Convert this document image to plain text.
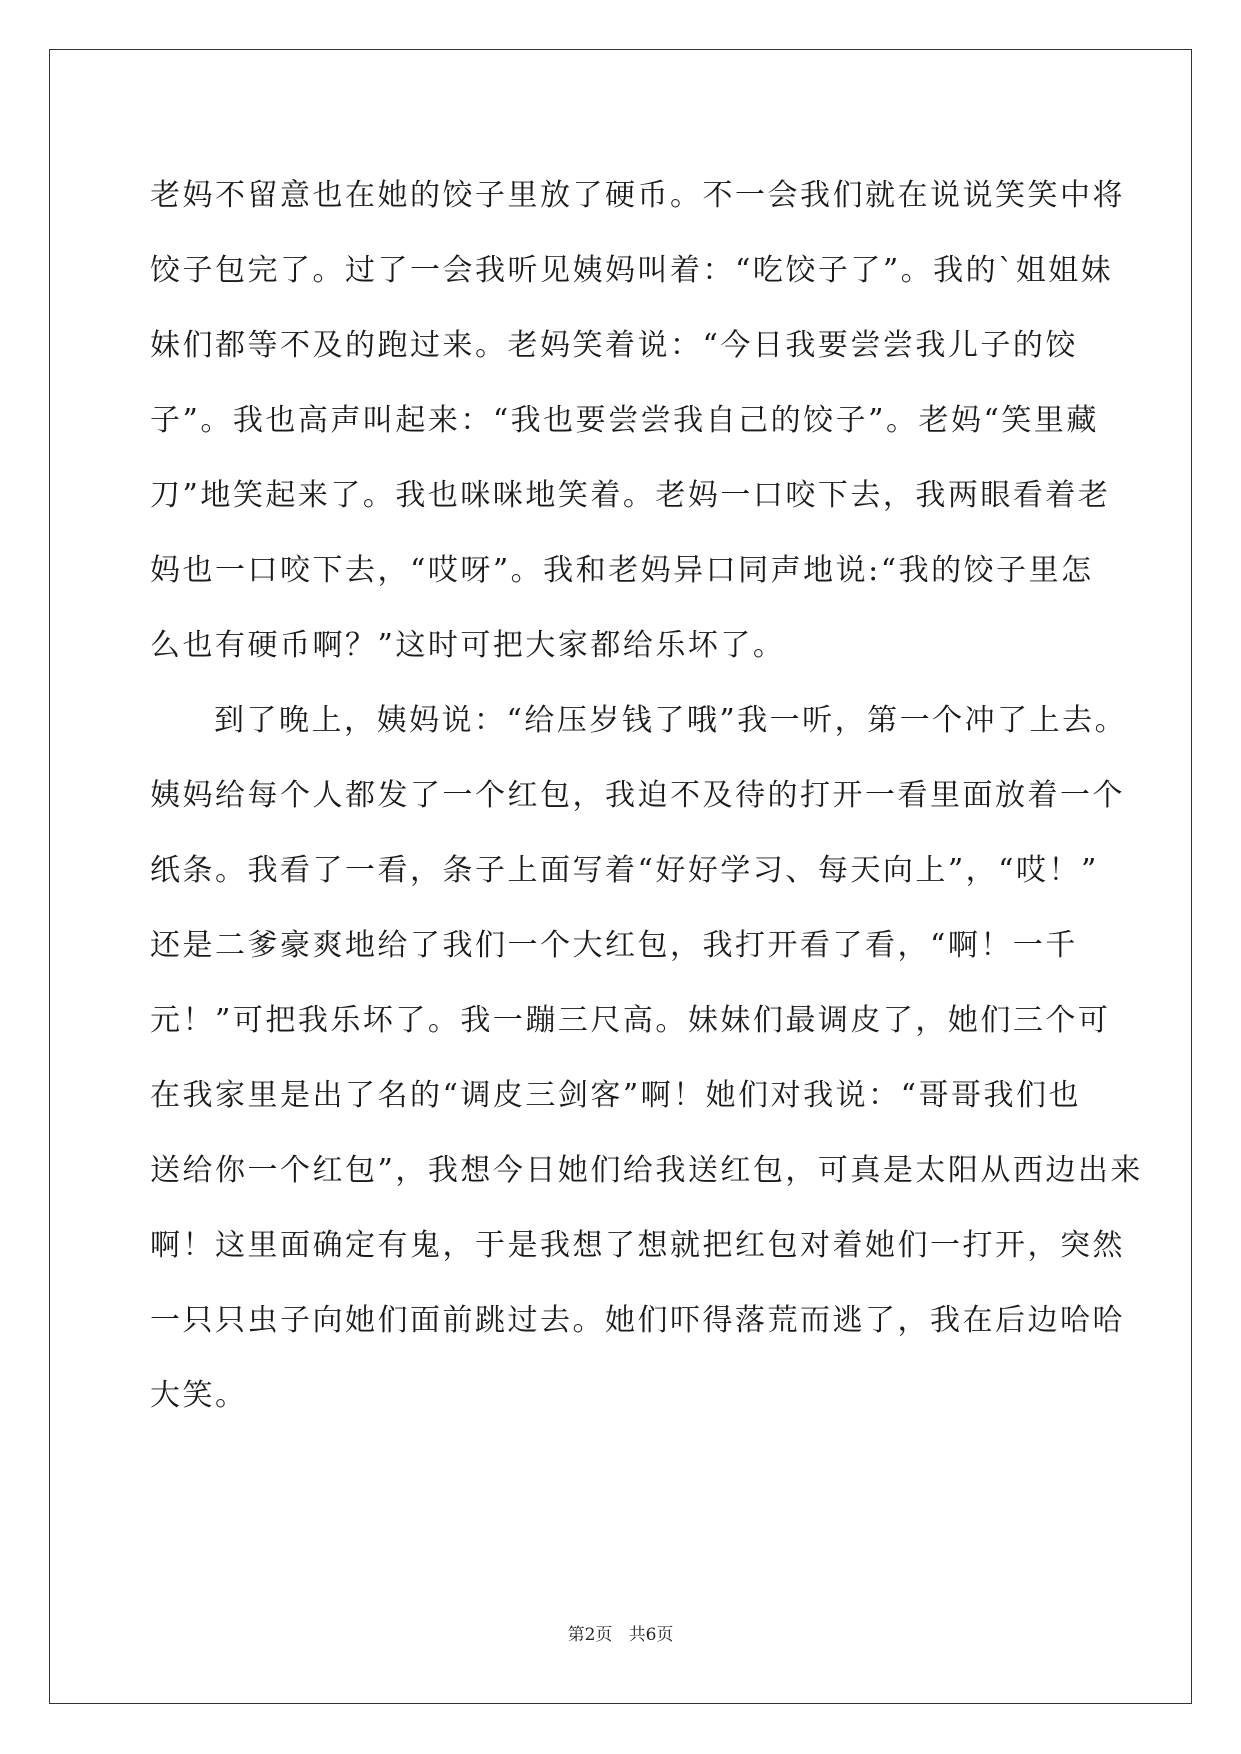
老妈不留意也在她的饺子里放了硬币。不一会我们就在说说笑笑中将
饺子包完了。过了一会我听见姨妈叫着：“吃饺子了”。我的`姐姐妹
妹们都等不及的跑过来。老妈笑着说：“今日我要尝尝我儿子的饺
子”。我也高声叫起来：“我也要尝尝我自己的饺子”。老妈“笑里藏
刀”地笑起来了。我也咪咪地笑着。老妈一口咬下去，我两眼看着老
妈也一口咬下去，“哎呀”。我和老妈异口同声地说:“我的饺子里怎
么也有硬币啊？”这时可把大家都给乐坏了。
到了晚上，姨妈说：“给压岁钱了哦”我一听，第一个冲了上去。
姨妈给每个人都发了一个红包，我迫不及待的打开一看里面放着一个
纸条。我看了一看，条子上面写着“好好学习、每天向上”，“哎！”
还是二爹豪爽地给了我们一个大红包，我打开看了看，“啊！一千
元！”可把我乐坏了。我一蹦三尺高。妹妹们最调皮了，她们三个可
在我家里是出了名的“调皮三剑客”啊！她们对我说：“哥哥我们也
送给你一个红包”，我想今日她们给我送红包，可真是太阳从西边出来
啊！这里面确定有鬼，于是我想了想就把红包对着她们一打开，突然
一只只虫子向她们面前跳过去。她们吓得落荒而逃了，我在后边哈哈
大笑。
第2页   共6页
